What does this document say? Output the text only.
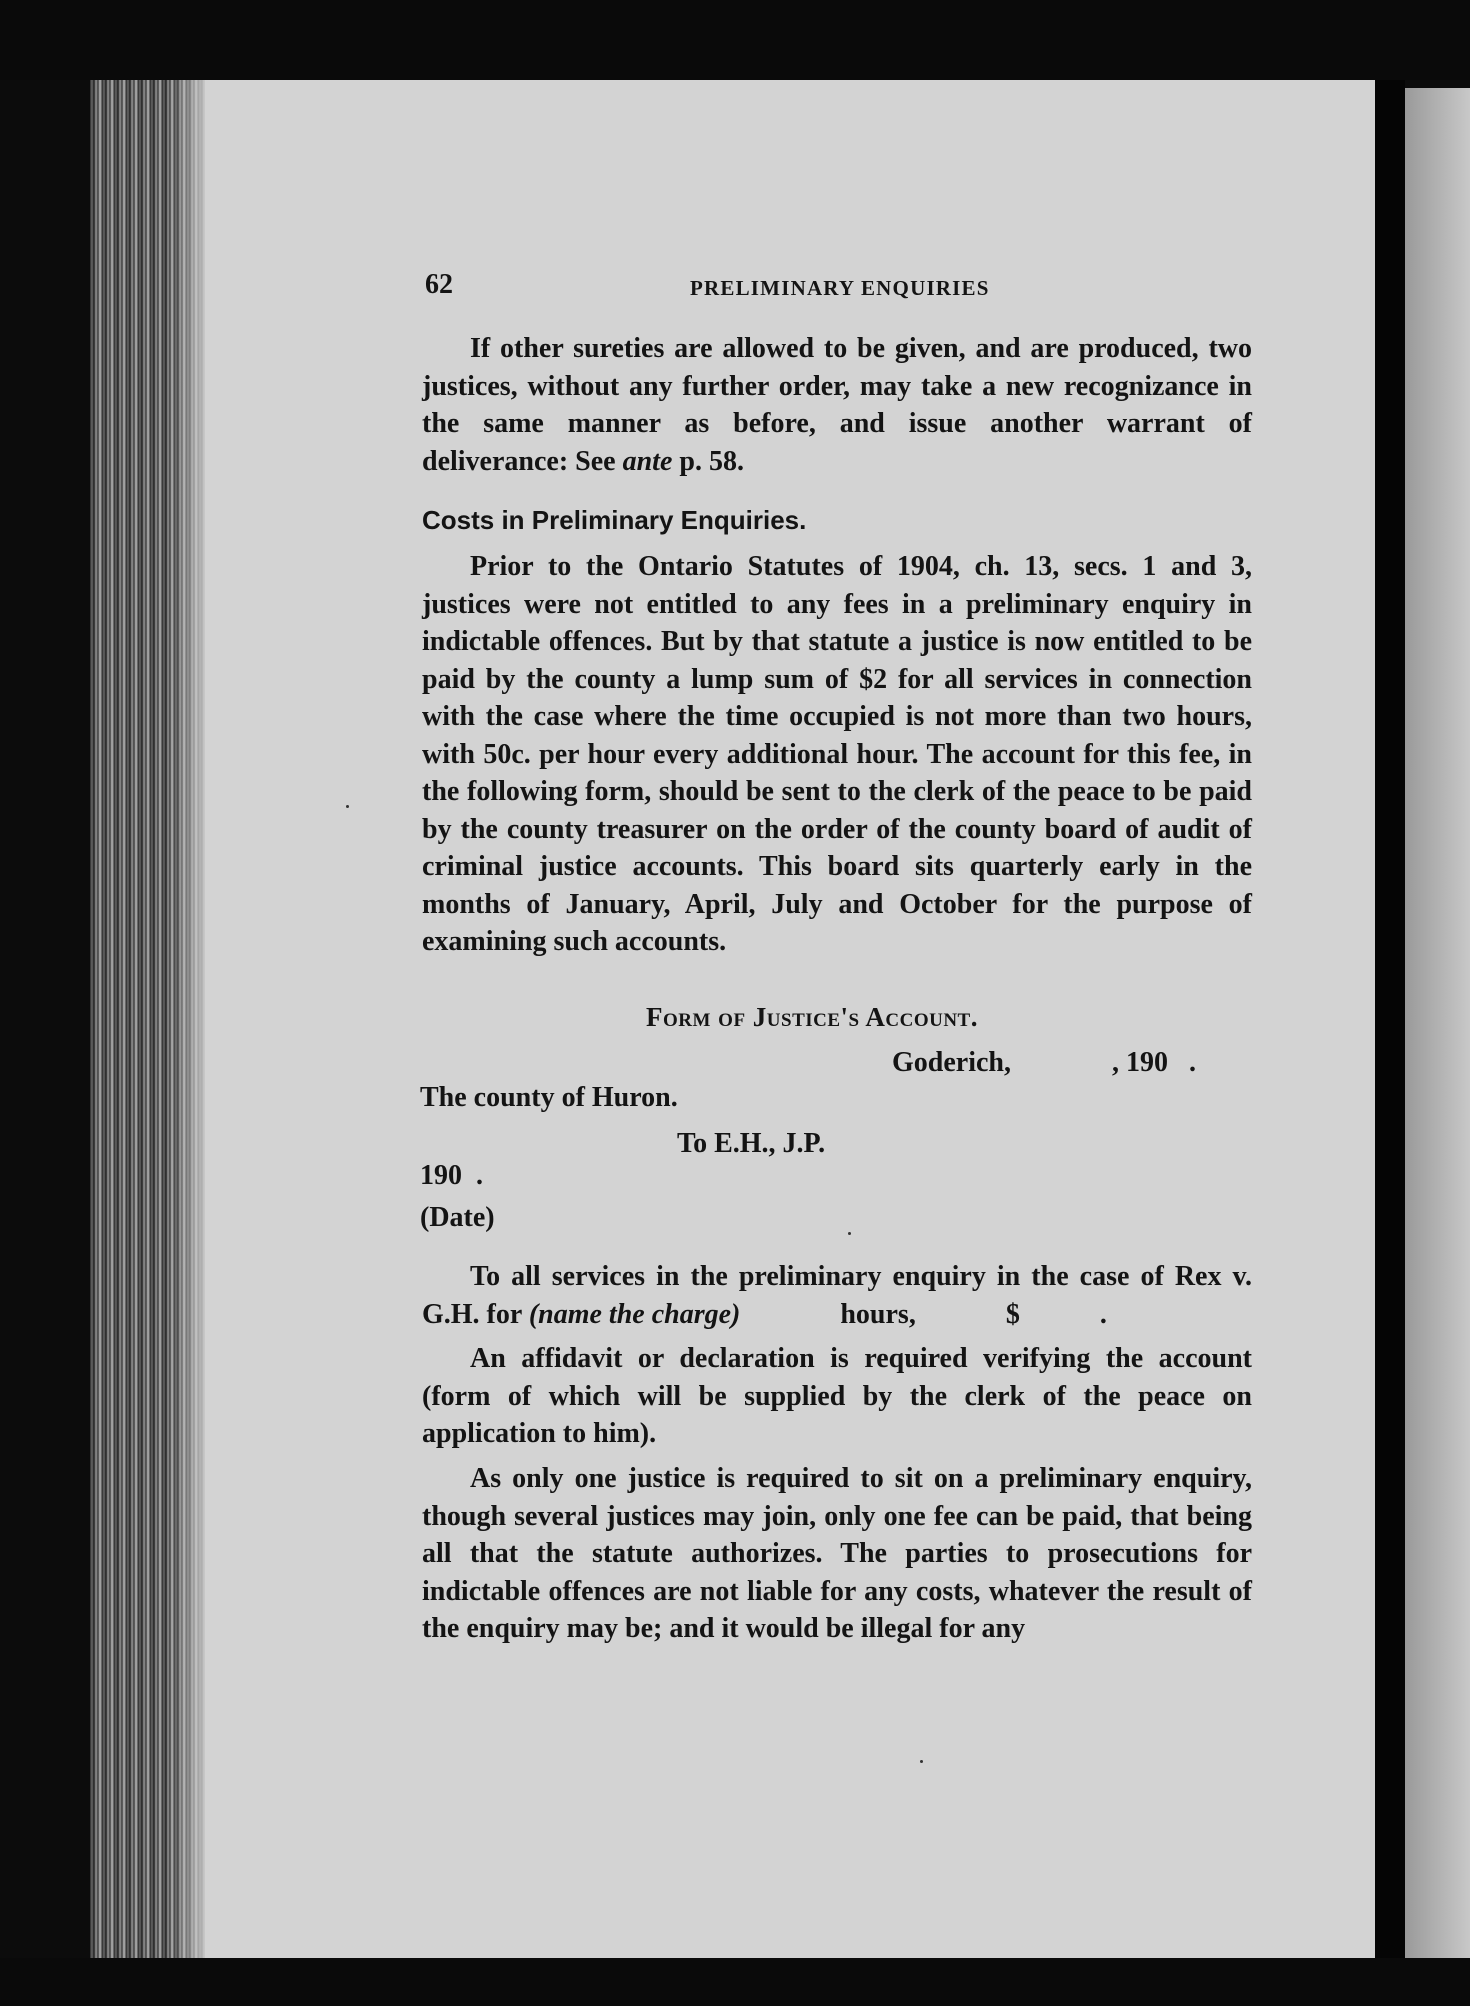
62	PRELIMINARY ENQUIRIES
If other sureties are allowed to be given, and are produced, two justices, without any further order, may take a new recognizance in the same manner as before, and issue another warrant of deliverance: See ante p. 58.
Costs in Preliminary Enquiries.
Prior to the Ontario Statutes of 1904, ch. 13, secs. 1 and 3, justices were not entitled to any fees in a preliminary enquiry in indictable offences. But by that statute a justice is now entitled to be paid by the county a lump sum of $2 for all services in connection with the case where the time occupied is not more than two hours, with 50c. per hour every additional hour. The account for this fee, in the following form, should be sent to the clerk of the peace to be paid by the county treasurer on the order of the county board of audit of criminal justice accounts. This board sits quarterly early in the months of January, April, July and October for the purpose of examining such accounts.
Form of Justice's Account.
Goderich,	, 190   .
The county of Huron.
To E.H., J.P.
190  .
(Date)
To all services in the preliminary enquiry in the case of Rex v. G.H. for (name the charge)	hours,	$	.
An affidavit or declaration is required verifying the account (form of which will be supplied by the clerk of the peace on application to him).
As only one justice is required to sit on a preliminary enquiry, though several justices may join, only one fee can be paid, that being all that the statute authorizes. The parties to prosecutions for indictable offences are not liable for any costs, whatever the result of the enquiry may be; and it would be illegal for any
